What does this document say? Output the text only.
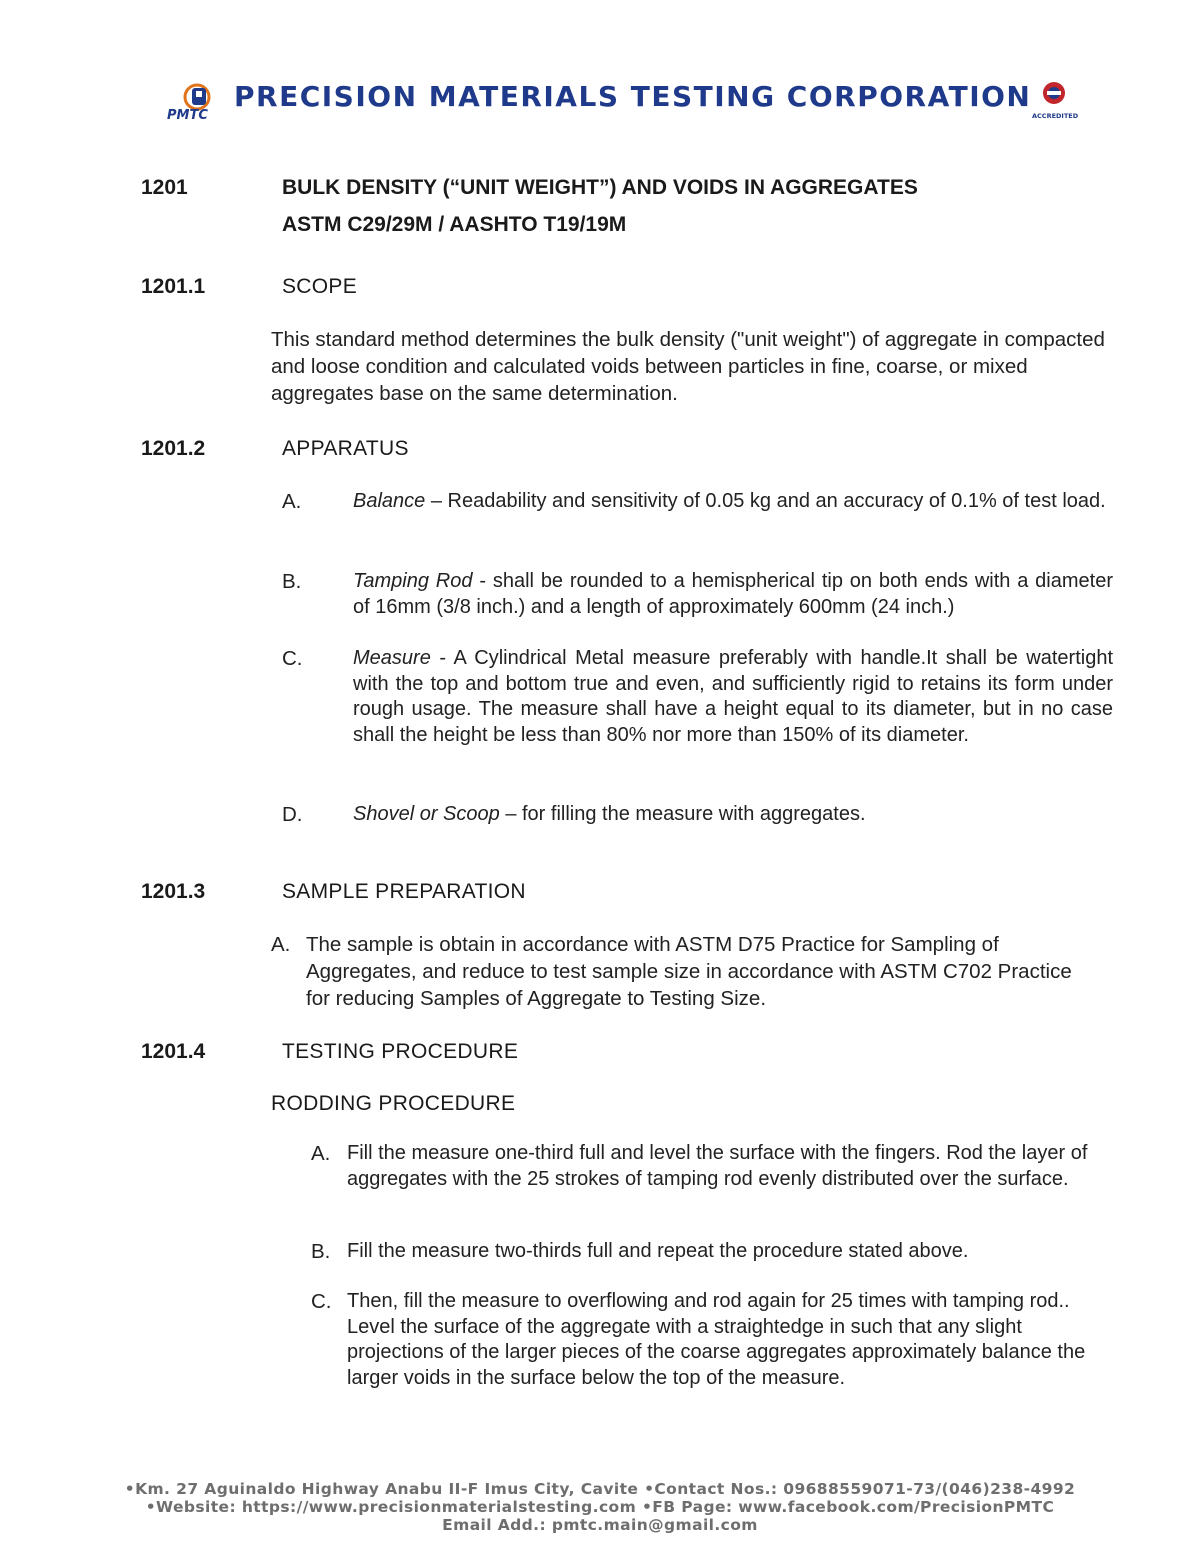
PMTC
PRECISION MATERIALS TESTING CORPORATION
ACCREDITED
1201	BULK DENSITY (“UNIT WEIGHT”) AND VOIDS IN AGGREGATES
ASTM C29/29M / AASHTO T19/19M
1201.1	SCOPE
This standard method determines the bulk density ("unit weight") of aggregate in compacted and loose condition and calculated voids between particles in fine, coarse, or mixed aggregates base on the same determination.
1201.2	APPARATUS
A.	Balance – Readability and sensitivity of 0.05 kg and an accuracy of 0.1% of test load.
B.	Tamping Rod - shall be rounded to a hemispherical tip on both ends with a diameter of 16mm (3/8 inch.) and a length of approximately 600mm (24 inch.)
C.	Measure - A Cylindrical Metal measure preferably with handle.It shall be watertight with the top and bottom true and even, and sufficiently rigid to retains its form under rough usage. The measure shall have a height equal to its diameter, but in no case shall the height be less than 80% nor more than 150% of its diameter.
D.	Shovel or Scoop – for filling the measure with aggregates.
1201.3	SAMPLE PREPARATION
A. The sample is obtain in accordance with ASTM D75 Practice for Sampling of Aggregates, and reduce to test sample size in accordance with ASTM C702 Practice for reducing Samples of Aggregate to Testing Size.
1201.4	TESTING PROCEDURE
RODDING PROCEDURE
A. Fill the measure one-third full and level the surface with the fingers. Rod the layer of aggregates with the 25 strokes of tamping rod evenly distributed over the surface.
B. Fill the measure two-thirds full and repeat the procedure stated above.
C. Then, fill the measure to overflowing and rod again for 25 times with tamping rod.. Level the surface of the aggregate with a straightedge in such that any slight projections of the larger pieces of the coarse aggregates approximately balance the larger voids in the surface below the top of the measure.
•Km. 27 Aguinaldo Highway Anabu II-F Imus City, Cavite •Contact Nos.: 09688559071-73/(046)238-4992
•Website: https://www.precisionmaterialstesting.com •FB Page: www.facebook.com/PrecisionPMTC
Email Add.: pmtc.main@gmail.com
